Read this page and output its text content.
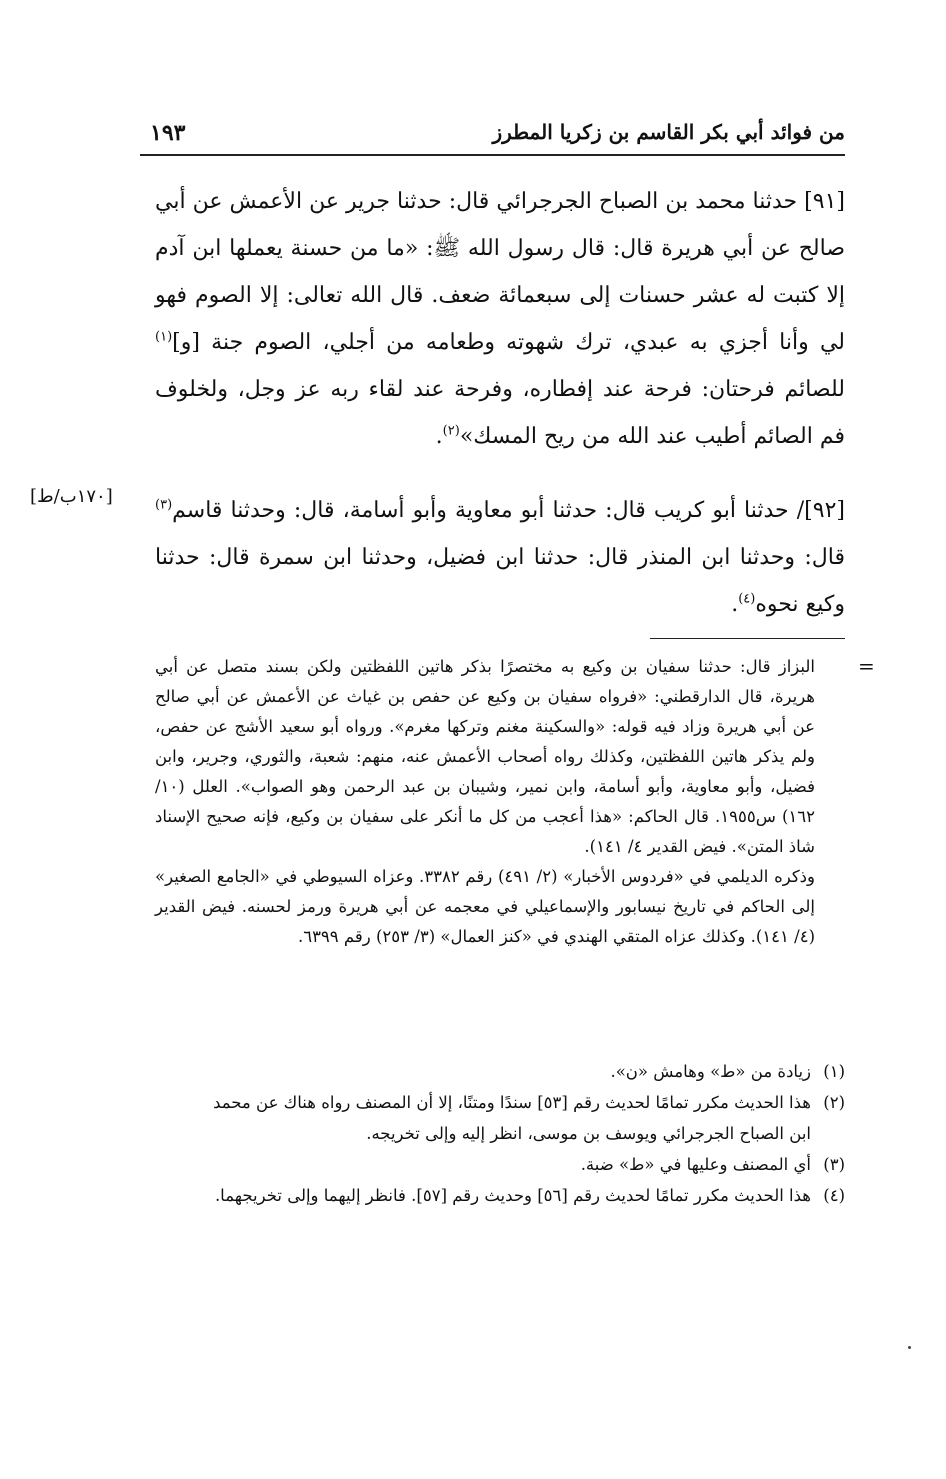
من فوائد أبي بكر القاسم بن زكريا المطرز
١٩٣

[٩١] حدثنا محمد بن الصباح الجرجرائي قال: حدثنا جرير عن الأعمش عن أبي صالح عن أبي هريرة قال: قال رسول الله ﷺ: «ما من حسنة يعملها ابن آدم إلا كتبت له عشر حسنات إلى سبعمائة ضعف. قال الله تعالى: إلا الصوم فهو لي وأنا أجزي به عبدي، ترك شهوته وطعامه من أجلي، الصوم جنة [و]$^{(١)}$ للصائم فرحتان: فرحة عند إفطاره، وفرحة عند لقاء ربه عز وجل، ولخلوف فم الصائم أطيب عند الله من ريح المسك»$^{(٢)}$.

[١٧٠ب/ط]

[٩٢]/ حدثنا أبو كريب قال: حدثنا أبو معاوية وأبو أسامة، قال: وحدثنا قاسم$^{(٣)}$ قال: وحدثنا ابن المنذر قال: حدثنا ابن فضيل، وحدثنا ابن سمرة قال: حدثنا وكيع نحوه$^{(٤)}$.

=

البزاز قال: حدثنا سفيان بن وكيع به مختصرًا بذكر هاتين اللفظتين ولكن بسند متصل عن أبي هريرة، قال الدارقطني: «فرواه سفيان بن وكيع عن حفص بن غياث عن الأعمش عن أبي صالح عن أبي هريرة وزاد فيه قوله: «والسكينة مغنم وتركها مغرم». ورواه أبو سعيد الأشج عن حفص، ولم يذكر هاتين اللفظتين، وكذلك رواه أصحاب الأعمش عنه، منهم: شعبة، والثوري، وجرير، وابن فضيل، وأبو معاوية، وأبو أسامة، وابن نمير، وشيبان بن عبد الرحمن وهو الصواب». العلل (١٠/ ١٦٢) س١٩٥٥. قال الحاكم: «هذا أعجب من كل ما أنكر على سفيان بن وكيع، فإنه صحيح الإسناد شاذ المتن». فيض القدير ٤/ ١٤١).

وذكره الديلمي في «فردوس الأخبار» (٢/ ٤٩١) رقم ٣٣٨٢. وعزاه السيوطي في «الجامع الصغير» إلى الحاكم في تاريخ نيسابور والإسماعيلي في معجمه عن أبي هريرة ورمز لحسنه. فيض القدير (٤/ ١٤١). وكذلك عزاه المتقي الهندي في «كنز العمال» (٣/ ٢٥٣) رقم ٦٣٩٩.

(١)
زيادة من «ط» وهامش «ن».
(٢)
هذا الحديث مكرر تمامًا لحديث رقم [٥٣] سندًا ومتنًا، إلا أن المصنف رواه هناك عن محمد
ابن الصباح الجرجرائي ويوسف بن موسى، انظر إليه وإلى تخريجه.
(٣)
أي المصنف وعليها في «ط» ضبة.
(٤)
هذا الحديث مكرر تمامًا لحديث رقم [٥٦] وحديث رقم [٥٧]. فانظر إليهما وإلى تخريجهما.
